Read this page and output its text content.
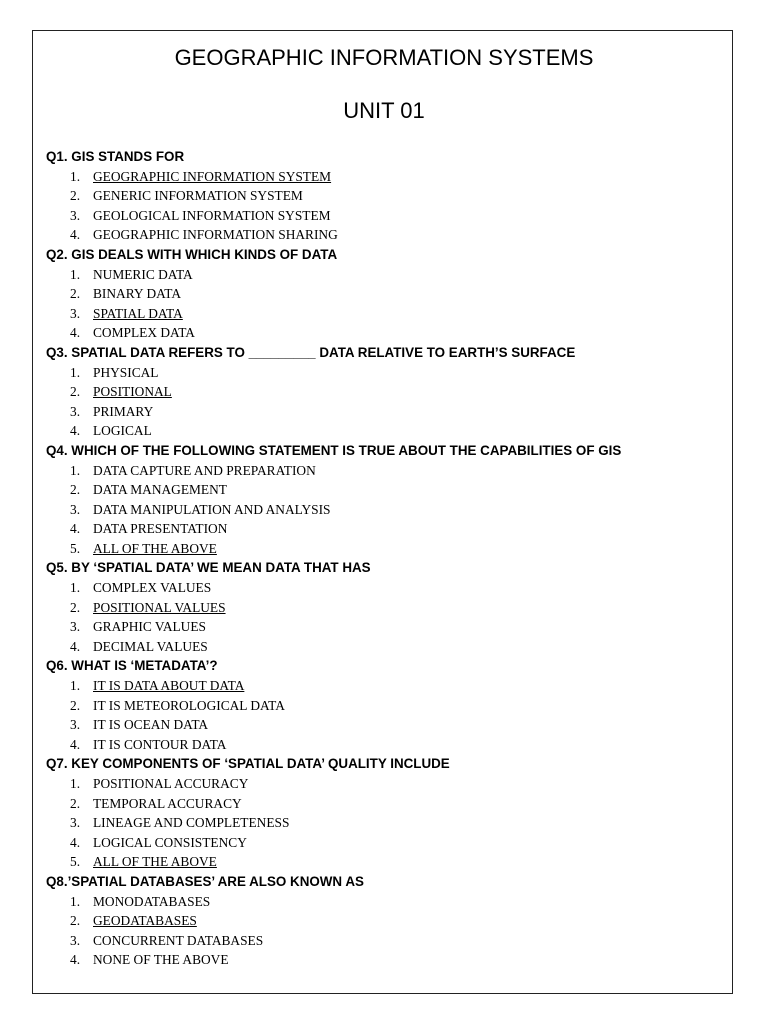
GEOGRAPHIC INFORMATION SYSTEMS
UNIT 01
Q1. GIS STANDS FOR
1. GEOGRAPHIC INFORMATION SYSTEM
2. GENERIC INFORMATION SYSTEM
3. GEOLOGICAL INFORMATION SYSTEM
4. GEOGRAPHIC INFORMATION SHARING
Q2. GIS DEALS WITH WHICH KINDS OF DATA
1. NUMERIC DATA
2. BINARY DATA
3. SPATIAL DATA
4. COMPLEX DATA
Q3. SPATIAL DATA REFERS TO _________ DATA RELATIVE TO EARTH’S SURFACE
1. PHYSICAL
2. POSITIONAL
3. PRIMARY
4. LOGICAL
Q4. WHICH OF THE FOLLOWING STATEMENT IS TRUE ABOUT THE CAPABILITIES OF GIS
1. DATA CAPTURE AND PREPARATION
2. DATA MANAGEMENT
3. DATA MANIPULATION AND ANALYSIS
4. DATA PRESENTATION
5. ALL OF THE ABOVE
Q5. BY ‘SPATIAL DATA’ WE MEAN DATA THAT HAS
1. COMPLEX VALUES
2. POSITIONAL VALUES
3. GRAPHIC VALUES
4. DECIMAL VALUES
Q6. WHAT IS ‘METADATA’?
1. IT IS DATA ABOUT DATA
2. IT IS METEOROLOGICAL DATA
3. IT IS OCEAN DATA
4. IT IS CONTOUR DATA
Q7. KEY COMPONENTS OF ‘SPATIAL DATA’ QUALITY INCLUDE
1. POSITIONAL ACCURACY
2. TEMPORAL ACCURACY
3. LINEAGE AND COMPLETENESS
4. LOGICAL CONSISTENCY
5. ALL OF THE ABOVE
Q8.’SPATIAL DATABASES’ ARE ALSO KNOWN AS
1. MONODATABASES
2. GEODATABASES
3. CONCURRENT DATABASES
4. NONE OF THE ABOVE
